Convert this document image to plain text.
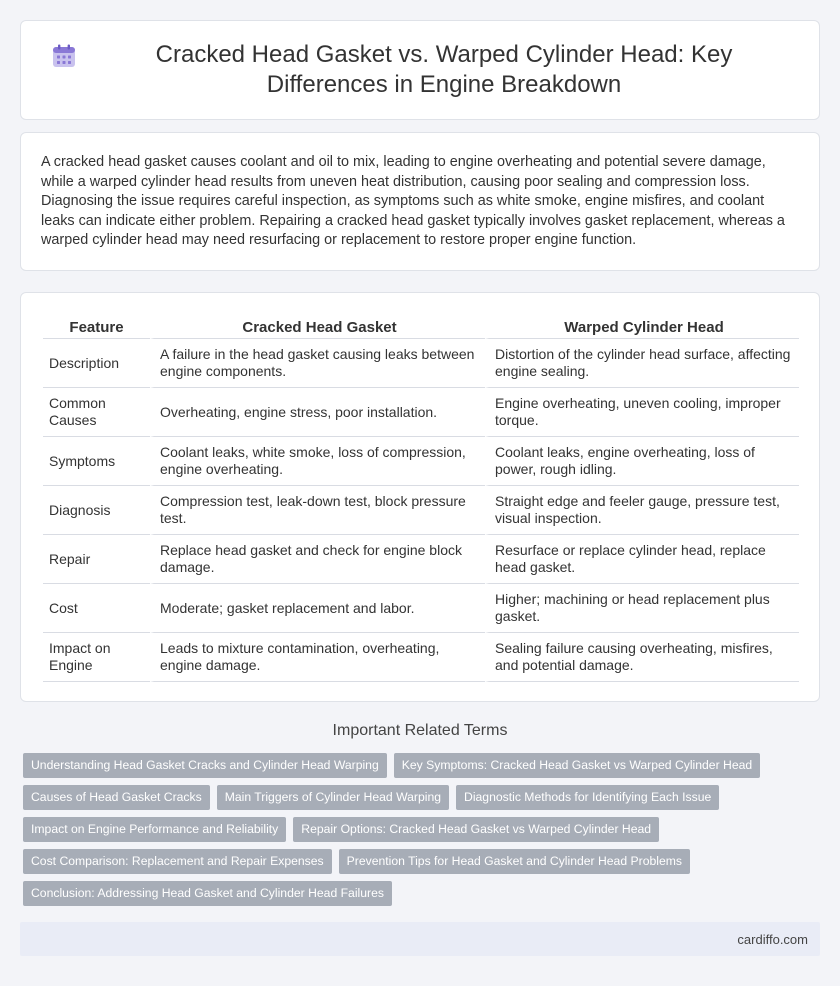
Cracked Head Gasket vs. Warped Cylinder Head: Key Differences in Engine Breakdown

A cracked head gasket causes coolant and oil to mix, leading to engine overheating and potential severe damage, while a warped cylinder head results from uneven heat distribution, causing poor sealing and compression loss. Diagnosing the issue requires careful inspection, as symptoms such as white smoke, engine misfires, and coolant leaks can indicate either problem. Repairing a cracked head gasket typically involves gasket replacement, whereas a warped cylinder head may need resurfacing or replacement to restore proper engine function.

Feature	Cracked Head Gasket	Warped Cylinder Head
Description	A failure in the head gasket causing leaks between engine components.	Distortion of the cylinder head surface, affecting engine sealing.
Common Causes	Overheating, engine stress, poor installation.	Engine overheating, uneven cooling, improper torque.
Symptoms	Coolant leaks, white smoke, loss of compression, engine overheating.	Coolant leaks, engine overheating, loss of power, rough idling.
Diagnosis	Compression test, leak-down test, block pressure test.	Straight edge and feeler gauge, pressure test, visual inspection.
Repair	Replace head gasket and check for engine block damage.	Resurface or replace cylinder head, replace head gasket.
Cost	Moderate; gasket replacement and labor.	Higher; machining or head replacement plus gasket.
Impact on Engine	Leads to mixture contamination, overheating, engine damage.	Sealing failure causing overheating, misfires, and potential damage.
Important Related Terms
Understanding Head Gasket Cracks and Cylinder Head Warping	Key Symptoms: Cracked Head Gasket vs Warped Cylinder Head
Causes of Head Gasket Cracks	Main Triggers of Cylinder Head Warping	Diagnostic Methods for Identifying Each Issue
Impact on Engine Performance and Reliability	Repair Options: Cracked Head Gasket vs Warped Cylinder Head
Cost Comparison: Replacement and Repair Expenses	Prevention Tips for Head Gasket and Cylinder Head Problems
Conclusion: Addressing Head Gasket and Cylinder Head Failures
cardiffo.com
